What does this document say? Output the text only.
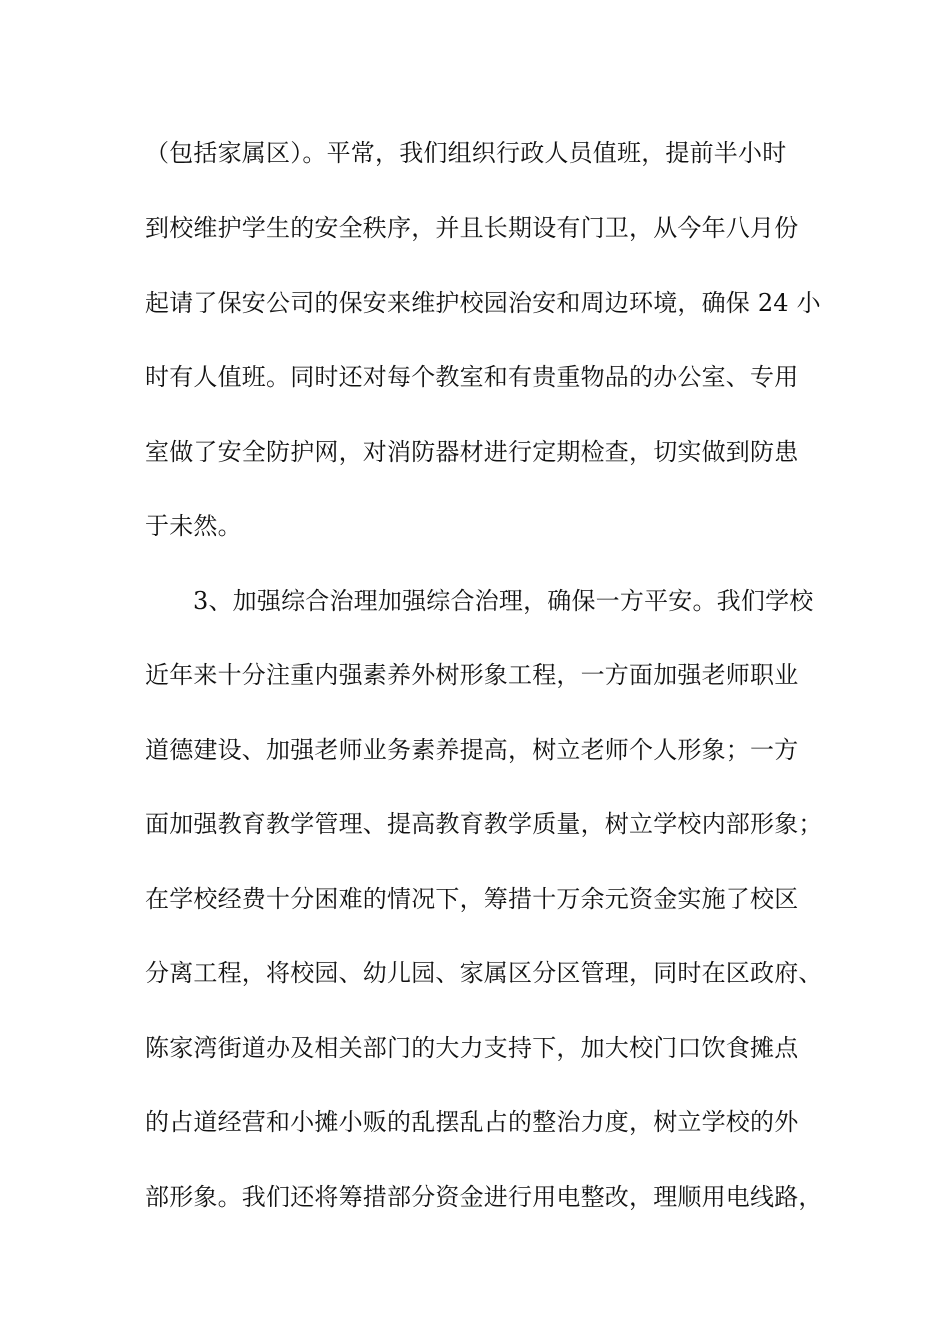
（包括家属区）。平常，我们组织行政人员值班，提前半小时
到校维护学生的安全秩序，并且长期设有门卫，从今年八月份
起请了保安公司的保安来维护校园治安和周边环境，确保 24 小
时有人值班。同时还对每个教室和有贵重物品的办公室、专用
室做了安全防护网，对消防器材进行定期检查，切实做到防患
于未然。
3、加强综合治理加强综合治理，确保一方平安。我们学校
近年来十分注重内强素养外树形象工程，一方面加强老师职业
道德建设、加强老师业务素养提高，树立老师个人形象；一方
面加强教育教学管理、提高教育教学质量，树立学校内部形象；
在学校经费十分困难的情况下，筹措十万余元资金实施了校区
分离工程，将校园、幼儿园、家属区分区管理，同时在区政府、
陈家湾街道办及相关部门的大力支持下，加大校门口饮食摊点
的占道经营和小摊小贩的乱摆乱占的整治力度，树立学校的外
部形象。我们还将筹措部分资金进行用电整改，理顺用电线路，
